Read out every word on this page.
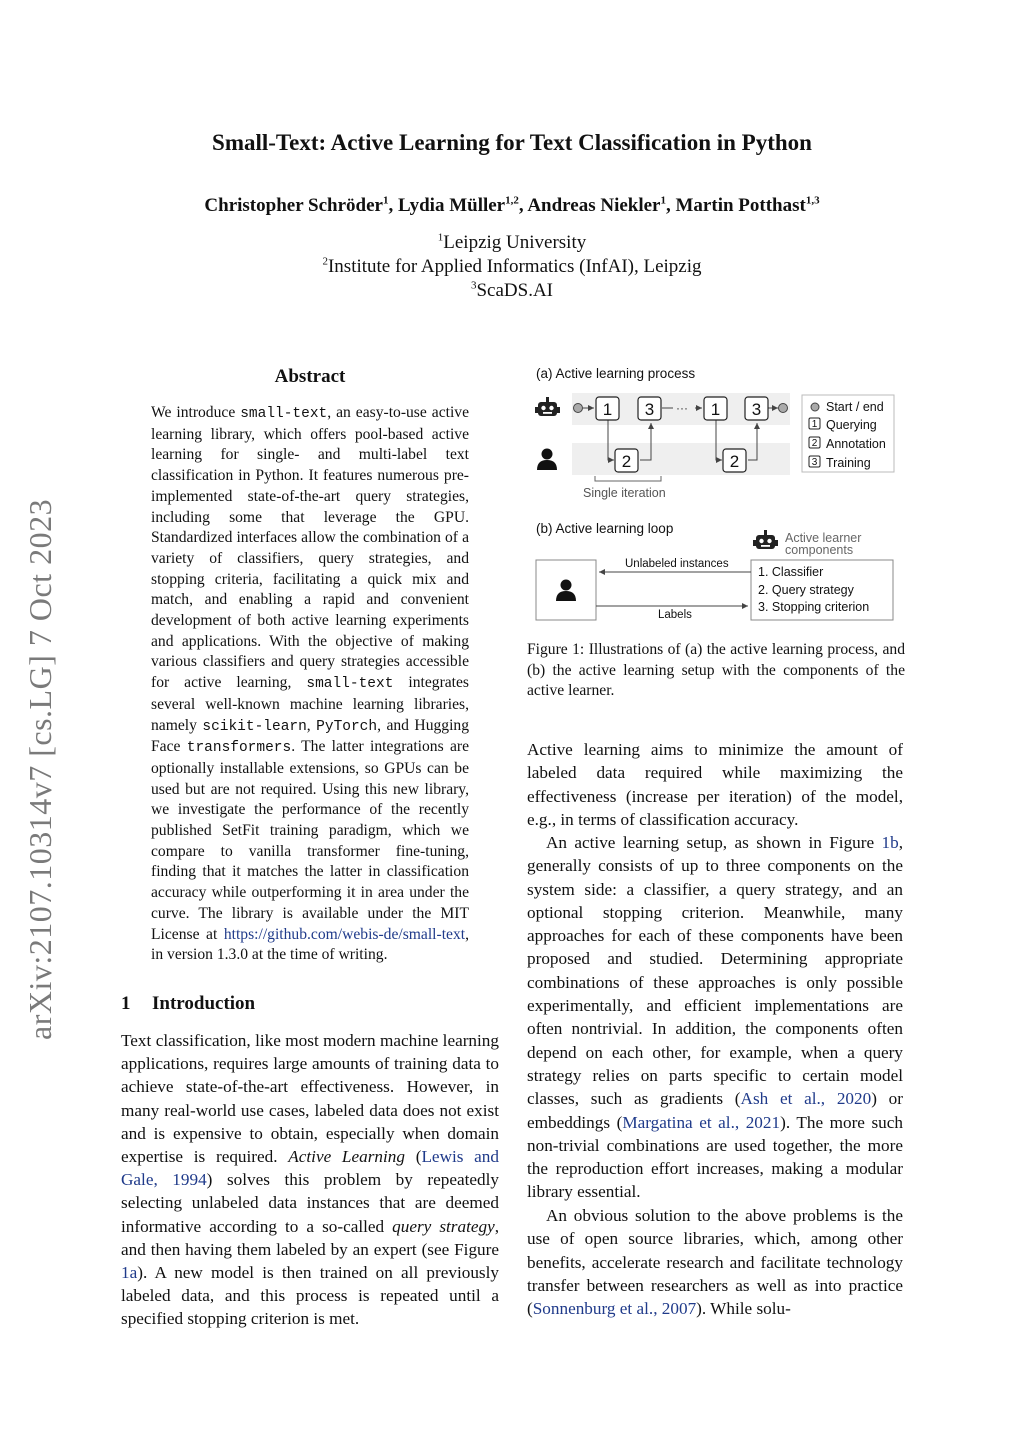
arXiv:2107.10314v7 [cs.LG] 7 Oct 2023
Small-Text: Active Learning for Text Classification in Python
Christopher Schröder$^1$, Lydia Müller$^{1,2}$, Andreas Niekler$^1$, Martin Potthast$^{1,3}$
$^1$Leipzig University
$^2$Institute for Applied Informatics (InfAI), Leipzig
$^3$ScaDS.AI
Abstract

We introduce small-text, an easy-to-use active learning library, which offers pool-based active learning for single- and multi-label text classification in Python. It features numerous pre-implemented state-of-the-art query strategies, including some that leverage the GPU. Standardized interfaces allow the combination of a variety of classifiers, query strategies, and stopping criteria, facilitating a quick mix and match, and enabling a rapid and convenient development of both active learning experiments and applications. With the objective of making various classifiers and query strategies accessible for active learning, small-text integrates several well-known machine learning libraries, namely scikit-learn, PyTorch, and Hugging Face transformers. The latter integrations are optionally installable extensions, so GPUs can be used but are not required. Using this new library, we investigate the performance of the recently published SetFit training paradigm, which we compare to vanilla transformer fine-tuning, finding that it matches the latter in classification accuracy while outperforming it in area under the curve. The library is available under the MIT License at https://github.com/webis-de/small-text, in version 1.3.0 at the time of writing.

1 Introduction

Text classification, like most modern machine learning applications, requires large amounts of training data to achieve state-of-the-art effectiveness. However, in many real-world use cases, labeled data does not exist and is expensive to obtain, especially when domain expertise is required. Active Learning (Lewis and Gale, 1994) solves this problem by repeatedly selecting unlabeled data instances that are deemed informative according to a so-called query strategy, and then having them labeled by an expert (see Figure 1a). A new model is then trained on all previously labeled data, and this process is repeated until a specified stopping criterion is met.

(a) Active learning process
···
1 3	1 3
2	2
Single iteration
Start / end
1 Querying
2 Annotation
3 Training
(b) Active learning loop
Active learner
components
1. Classifier
2. Query strategy
3. Stopping criterion
Unlabeled instances
Labels

Figure 1: Illustrations of (a) the active learning process, and (b) the active learning setup with the components of the active learner.

Active learning aims to minimize the amount of labeled data required while maximizing the effectiveness (increase per iteration) of the model, e.g., in terms of classification accuracy.

An active learning setup, as shown in Figure 1b, generally consists of up to three components on the system side: a classifier, a query strategy, and an optional stopping criterion. Meanwhile, many approaches for each of these components have been proposed and studied. Determining appropriate combinations of these approaches is only possible experimentally, and efficient implementations are often nontrivial. In addition, the components often depend on each other, for example, when a query strategy relies on parts specific to certain model classes, such as gradients (Ash et al., 2020) or embeddings (Margatina et al., 2021). The more such non-trivial combinations are used together, the more the reproduction effort increases, making a modular library essential.

An obvious solution to the above problems is the use of open source libraries, which, among other benefits, accelerate research and facilitate technology transfer between researchers as well as into practice (Sonnenburg et al., 2007). While solu-
